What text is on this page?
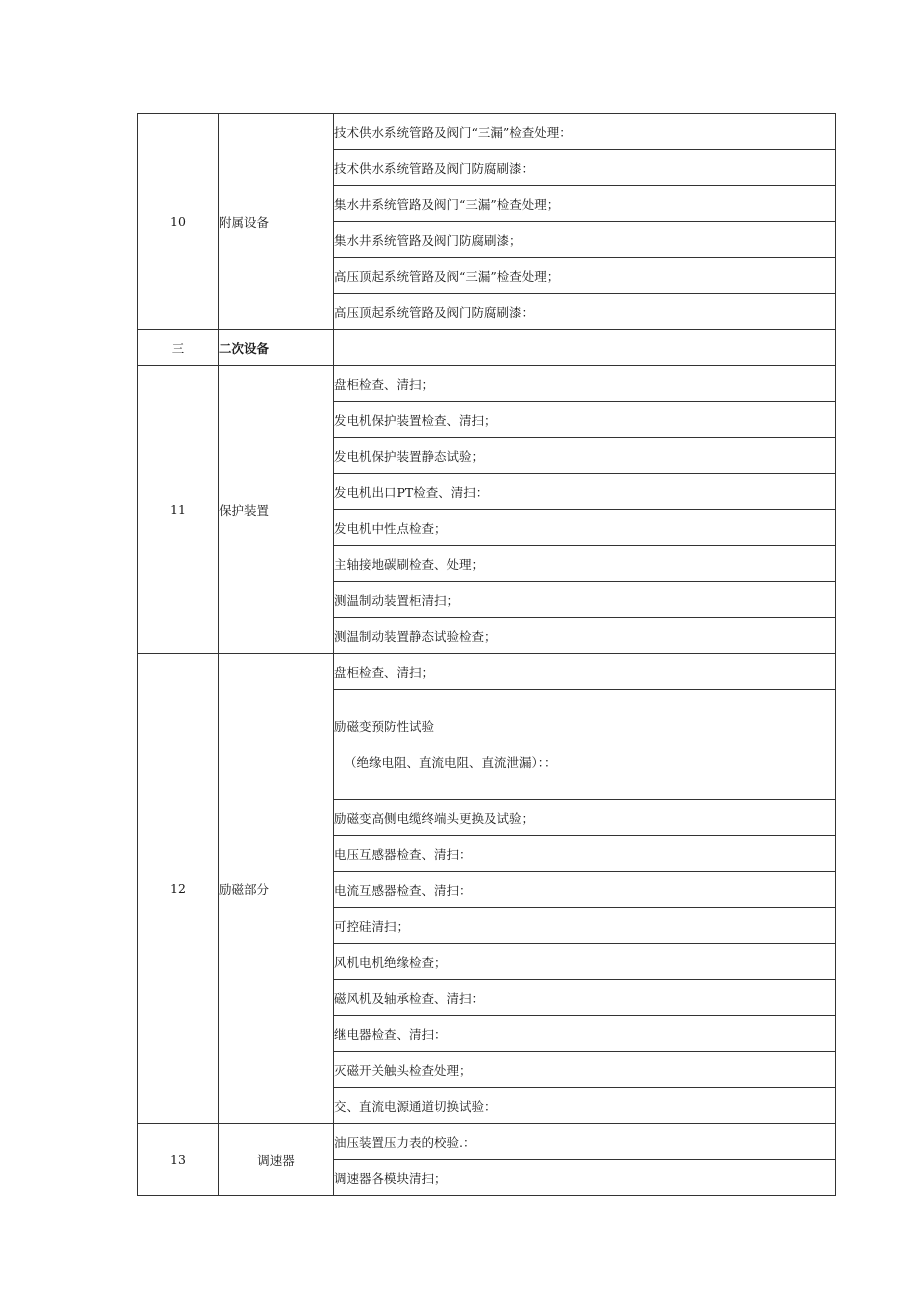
10	附属设备	技术供水系统管路及阀门“三漏”检查处理：
		技术供水系统管路及阀门防腐刷漆：
		集水井系统管路及阀门“三漏”检查处理；
		集水井系统管路及阀门防腐刷漆；
		高压顶起系统管路及阀“三漏”检查处理；
		高压顶起系统管路及阀门防腐刷漆：
三	二次设备	
11	保护装置	盘柜检查、清扫；
		发电机保护装置检查、清扫；
		发电机保护装置静态试验；
		发电机出口PT检查、清扫：
		发电机中性点检查；
		主轴接地碳刷检查、处理；
		测温制动装置柜清扫；
		测温制动装置静态试验检查；
12	励磁部分	盘柜检查、清扫；

		励磁变预防性试验
（绝缘电阻、直流电阻、直流泄漏）：：

		励磁变高侧电缆终端头更换及试验；
		电压互感器检查、清扫：
		电流互感器检查、清扫：
		可控硅清扫；
		风机电机绝缘检查；
		磁风机及轴承检查、清扫：
		继电器检查、清扫：
		灭磁开关触头检查处理；
		交、直流电源通道切换试验：
13	调速器	油压装置压力表的校验.：
		调速器各模块清扫；
